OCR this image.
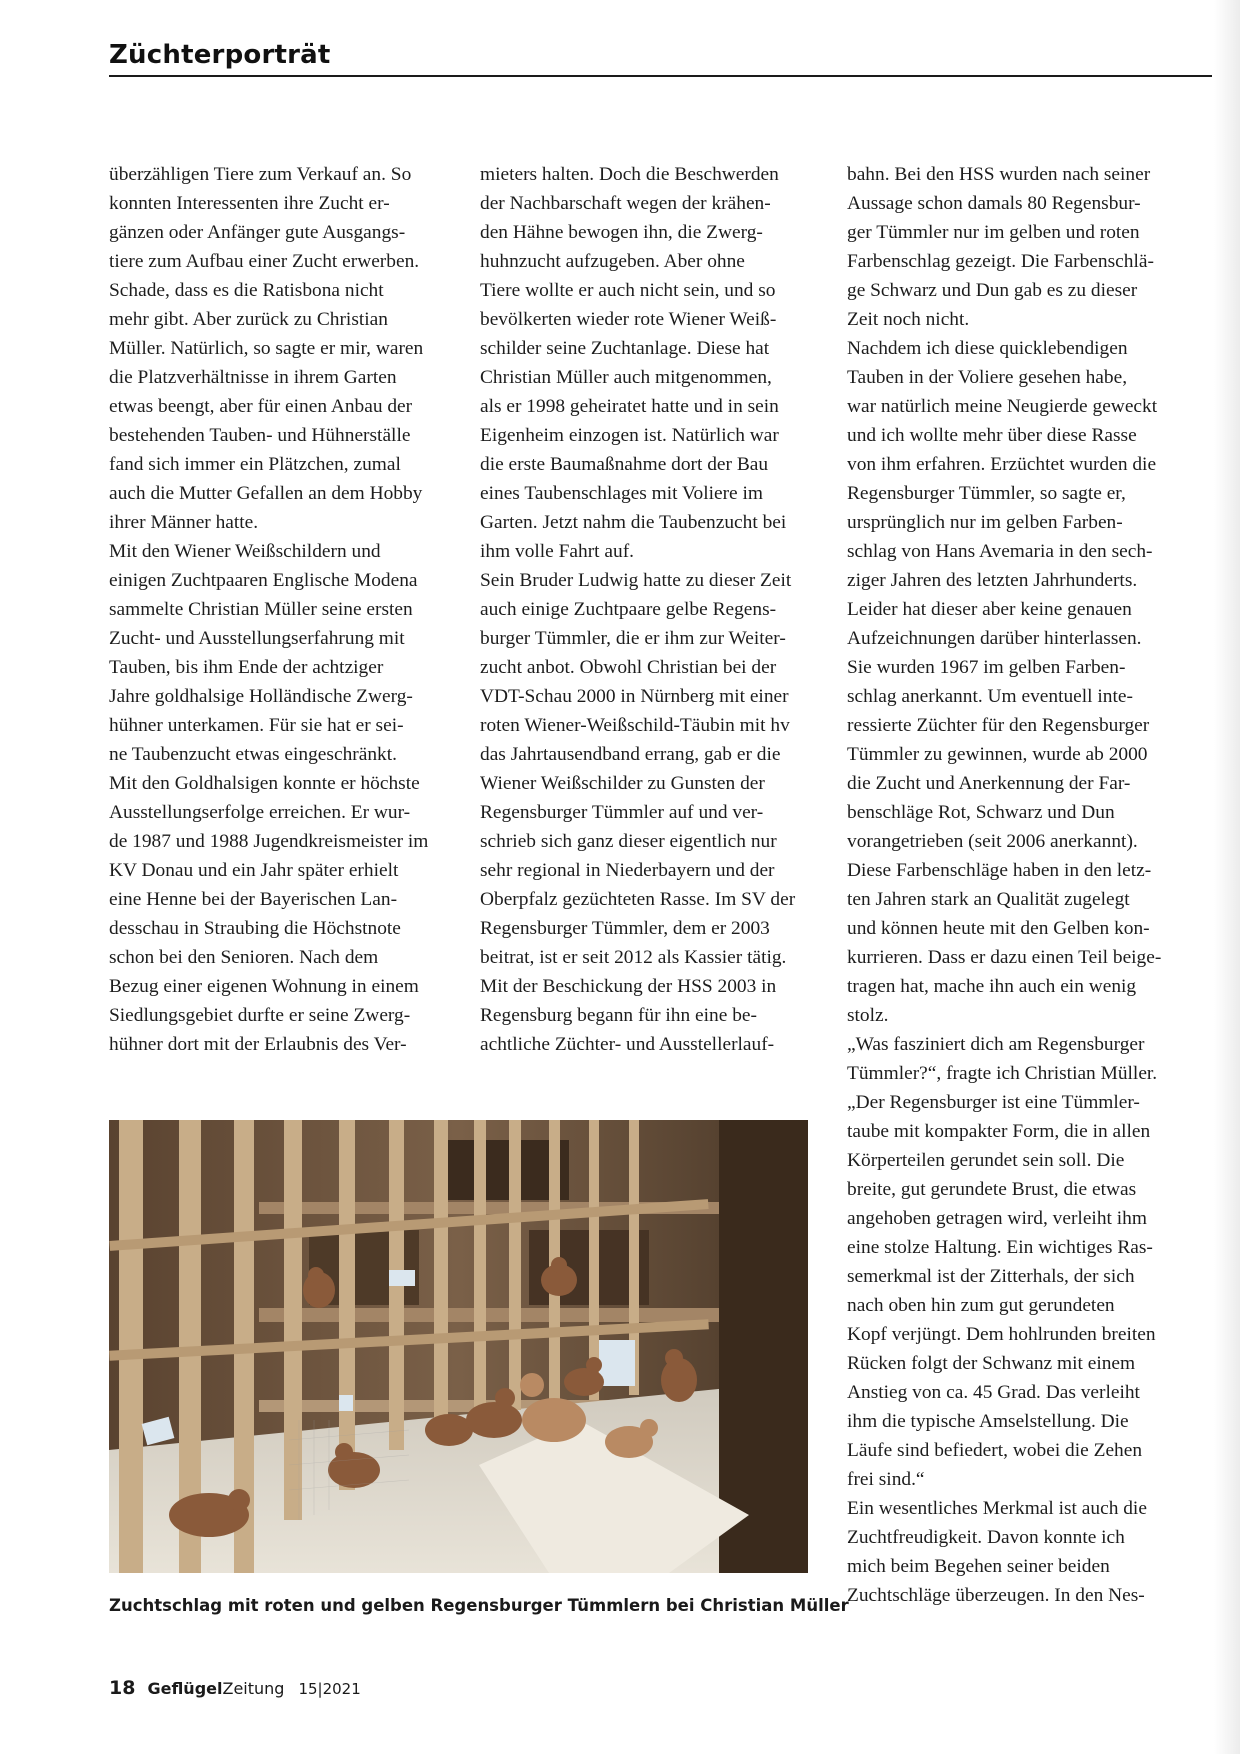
Züchterporträt
überzähligen Tiere zum Verkauf an. So
konnten Interessenten ihre Zucht er-
gänzen oder Anfänger gute Ausgangs-
tiere zum Aufbau einer Zucht erwerben.
Schade, dass es die Ratisbona nicht
mehr gibt. Aber zurück zu Christian
Müller. Natürlich, so sagte er mir, waren
die Platzverhältnisse in ihrem Garten
etwas beengt, aber für einen Anbau der
bestehenden Tauben- und Hühnerställe
fand sich immer ein Plätzchen, zumal
auch die Mutter Gefallen an dem Hobby
ihrer Männer hatte.
Mit den Wiener Weißschildern und
einigen Zuchtpaaren Englische Modena
sammelte Christian Müller seine ersten
Zucht- und Ausstellungserfahrung mit
Tauben, bis ihm Ende der achtziger
Jahre goldhalsige Holländische Zwerg-
hühner unterkamen. Für sie hat er sei-
ne Taubenzucht etwas eingeschränkt.
Mit den Goldhalsigen konnte er höchste
Ausstellungserfolge erreichen. Er wur-
de 1987 und 1988 Jugendkreismeister im
KV Donau und ein Jahr später erhielt
eine Henne bei der Bayerischen Lan-
desschau in Straubing die Höchstnote
schon bei den Senioren. Nach dem
Bezug einer eigenen Wohnung in einem
Siedlungsgebiet durfte er seine Zwerg-
hühner dort mit der Erlaubnis des Ver-
mieters halten. Doch die Beschwerden
der Nachbarschaft wegen der krähen-
den Hähne bewogen ihn, die Zwerg-
huhnzucht aufzugeben. Aber ohne
Tiere wollte er auch nicht sein, und so
bevölkerten wieder rote Wiener Weiß-
schilder seine Zuchtanlage. Diese hat
Christian Müller auch mitgenommen,
als er 1998 geheiratet hatte und in sein
Eigenheim einzogen ist. Natürlich war
die erste Baumaßnahme dort der Bau
eines Taubenschlages mit Voliere im
Garten. Jetzt nahm die Taubenzucht bei
ihm volle Fahrt auf.
Sein Bruder Ludwig hatte zu dieser Zeit
auch einige Zuchtpaare gelbe Regens-
burger Tümmler, die er ihm zur Weiter-
zucht anbot. Obwohl Christian bei der
VDT-Schau 2000 in Nürnberg mit einer
roten Wiener-Weißschild-Täubin mit hv
das Jahrtausendband errang, gab er die
Wiener Weißschilder zu Gunsten der
Regensburger Tümmler auf und ver-
schrieb sich ganz dieser eigentlich nur
sehr regional in Niederbayern und der
Oberpfalz gezüchteten Rasse. Im SV der
Regensburger Tümmler, dem er 2003
beitrat, ist er seit 2012 als Kassier tätig.
Mit der Beschickung der HSS 2003 in
Regensburg begann für ihn eine be-
achtliche Züchter- und Ausstellerlauf-
bahn. Bei den HSS wurden nach seiner
Aussage schon damals 80 Regensbur-
ger Tümmler nur im gelben und roten
Farbenschlag gezeigt. Die Farbenschlä-
ge Schwarz und Dun gab es zu dieser
Zeit noch nicht.
Nachdem ich diese quicklebendigen
Tauben in der Voliere gesehen habe,
war natürlich meine Neugierde geweckt
und ich wollte mehr über diese Rasse
von ihm erfahren. Erzüchtet wurden die
Regensburger Tümmler, so sagte er,
ursprünglich nur im gelben Farben-
schlag von Hans Avemaria in den sech-
ziger Jahren des letzten Jahrhunderts.
Leider hat dieser aber keine genauen
Aufzeichnungen darüber hinterlassen.
Sie wurden 1967 im gelben Farben-
schlag anerkannt. Um eventuell inte-
ressierte Züchter für den Regensburger
Tümmler zu gewinnen, wurde ab 2000
die Zucht und Anerkennung der Far-
benschläge Rot, Schwarz und Dun
vorangetrieben (seit 2006 anerkannt).
Diese Farbenschläge haben in den letz-
ten Jahren stark an Qualität zugelegt
und können heute mit den Gelben kon-
kurrieren. Dass er dazu einen Teil beige-
tragen hat, mache ihn auch ein wenig
stolz.
„Was fasziniert dich am Regensburger
Tümmler?“, fragte ich Christian Müller.
„Der Regensburger ist eine Tümmler-
taube mit kompakter Form, die in allen
Körperteilen gerundet sein soll. Die
breite, gut gerundete Brust, die etwas
angehoben getragen wird, verleiht ihm
eine stolze Haltung. Ein wichtiges Ras-
semerkmal ist der Zitterhals, der sich
nach oben hin zum gut gerundeten
Kopf verjüngt. Dem hohlrunden breiten
Rücken folgt der Schwanz mit einem
Anstieg von ca. 45 Grad. Das verleiht
ihm die typische Amselstellung. Die
Läufe sind befiedert, wobei die Zehen
frei sind.“
Ein wesentliches Merkmal ist auch die
Zuchtfreudigkeit. Davon konnte ich
mich beim Begehen seiner beiden
Zuchtschläge überzeugen. In den Nes-
Zuchtschlag mit roten und gelben Regensburger Tümmlern bei Christian Müller
18 GeflügelZeitung 15|2021
